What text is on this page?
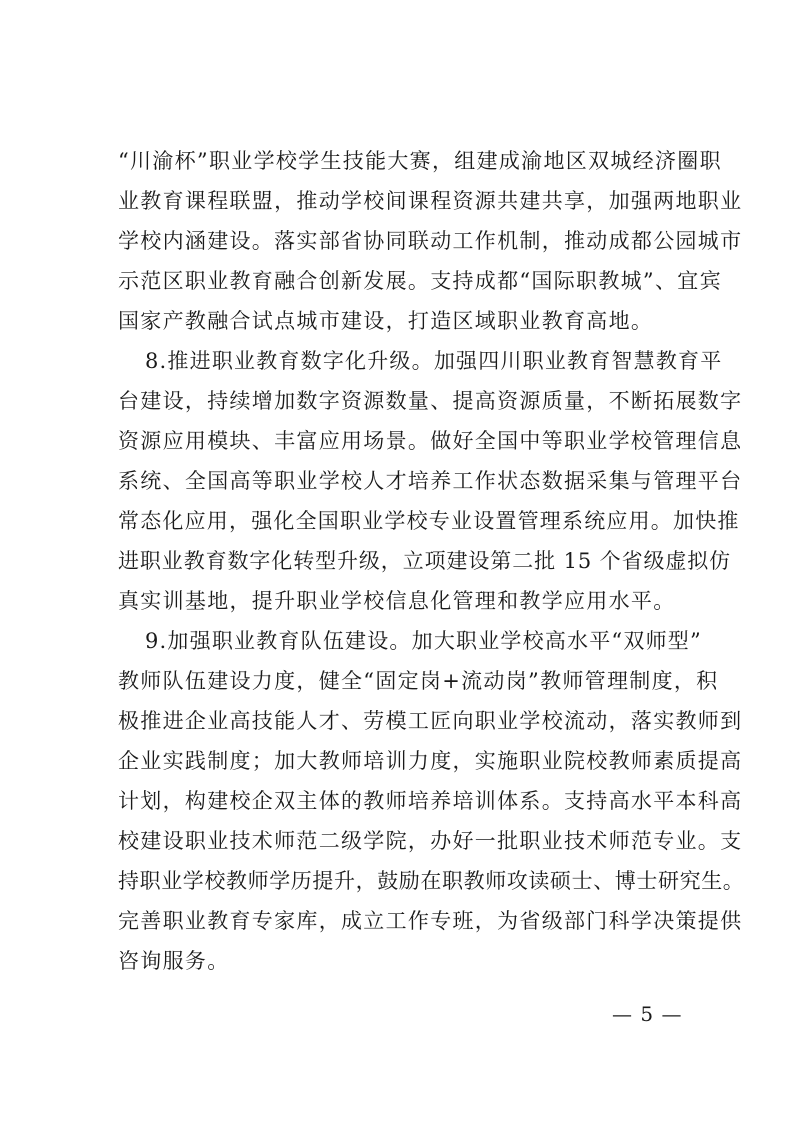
“川渝杯”职业学校学生技能大赛，组建成渝地区双城经济圈职
业教育课程联盟，推动学校间课程资源共建共享，加强两地职业
学校内涵建设。落实部省协同联动工作机制，推动成都公园城市
示范区职业教育融合创新发展。支持成都“国际职教城”、宜宾
国家产教融合试点城市建设，打造区域职业教育高地。
8.推进职业教育数字化升级。加强四川职业教育智慧教育平
台建设，持续增加数字资源数量、提高资源质量，不断拓展数字
资源应用模块、丰富应用场景。做好全国中等职业学校管理信息
系统、全国高等职业学校人才培养工作状态数据采集与管理平台
常态化应用，强化全国职业学校专业设置管理系统应用。加快推
进职业教育数字化转型升级，立项建设第二批 15 个省级虚拟仿
真实训基地，提升职业学校信息化管理和教学应用水平。
9.加强职业教育队伍建设。加大职业学校高水平“双师型”
教师队伍建设力度，健全“固定岗+流动岗”教师管理制度，积
极推进企业高技能人才、劳模工匠向职业学校流动，落实教师到
企业实践制度；加大教师培训力度，实施职业院校教师素质提高
计划，构建校企双主体的教师培养培训体系。支持高水平本科高
校建设职业技术师范二级学院，办好一批职业技术师范专业。支
持职业学校教师学历提升，鼓励在职教师攻读硕士、博士研究生。
完善职业教育专家库，成立工作专班，为省级部门科学决策提供
咨询服务。
— 5 —
